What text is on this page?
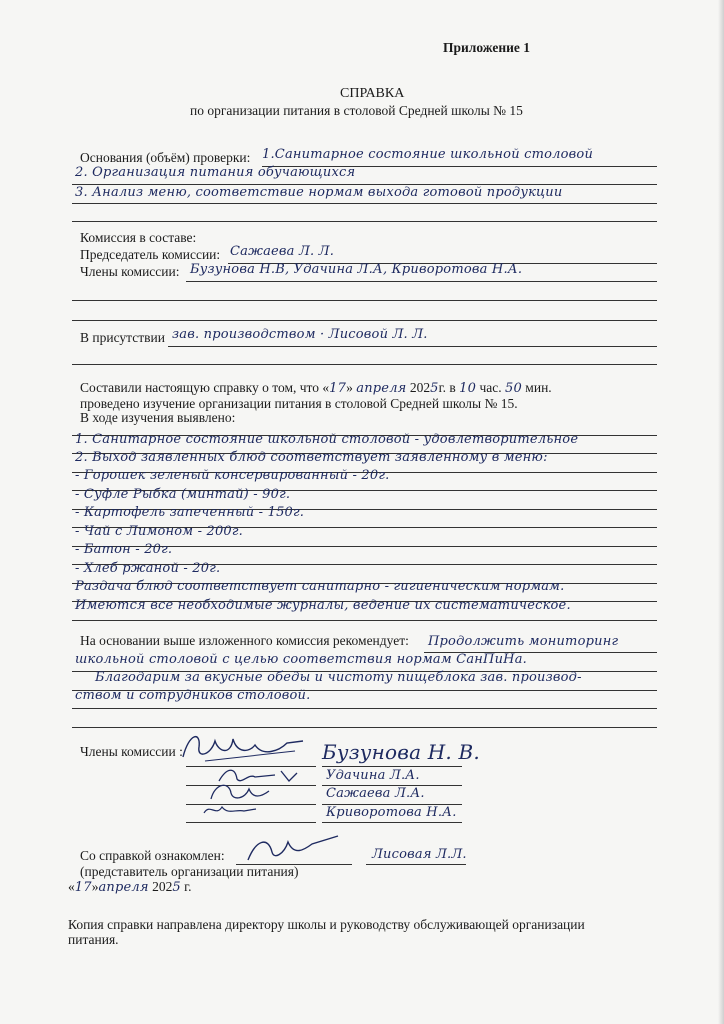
Приложение 1
СПРАВКА
по организации питания в столовой Средней школы № 15
Основания (объём) проверки: 1.Санитарное состояние школьной столовой
2. Организация питания обучающихся
3. Анализ меню, соответствие нормам выхода готовой продукции
Комиссия в составе:
Председатель комиссии: Сажаева Л. Л.
Члены комиссии: Бузунова Н.В, Удачина Л.А, Криворотова Н.А.
В присутствии зав. производством · Лисовой Л. Л.
Составили настоящую справку о том, что «17» апреля 2025г. в 10 час. 50 мин.
проведено изучение организации питания в столовой Средней школы № 15.
В ходе изучения выявлено:
1. Санитарное состояние школьной столовой - удовлетворительное
2. Выход заявленных блюд соответствует заявленному в меню:
- Горошек зеленый консервированный - 20г.
- Суфле Рыбка (минтай) - 90г.
- Картофель запеченный - 150г.
- Чай с Лимоном - 200г.
- Батон - 20г.
- Хлеб ржаной - 20г.
Раздача блюд соответствует санитарно - гигиеническим нормам.
Имеются все необходимые журналы, ведение их систематическое.
На основании выше изложенного комиссия рекомендует: Продолжить мониторинг
школьной столовой с целью соответствия нормам СанПиНа.
Благодарим за вкусные обеды и чистоту пищеблока зав. производ-
ством и сотрудников столовой.
Члены комиссии :	Бузунова Н. В.
Удачина Л.А.
Сажаева Л.А.
Криворотова Н.А.
Со справкой ознакомлен:	Лисовая Л.Л.
(представитель организации питания)
«17»апреля 2025 г.
Копия справки направлена директору школы и руководству обслуживающей организации
питания.
